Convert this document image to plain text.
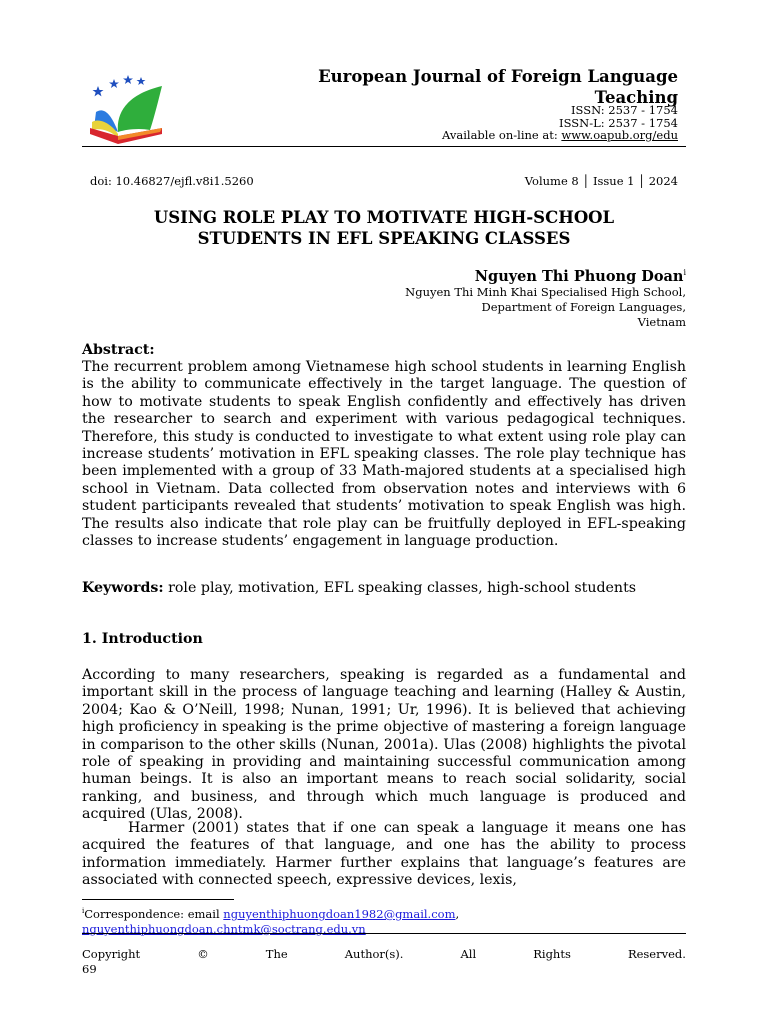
European Journal of Foreign Language
Teaching
ISSN: 2537 - 1754
ISSN-L: 2537 - 1754
Available on-line at: www.oapub.org/edu
doi: 10.46827/ejfl.v8i1.5260	Volume 8 │ Issue 1 │ 2024
USING ROLE PLAY TO MOTIVATE HIGH-SCHOOL
STUDENTS IN EFL SPEAKING CLASSES
Nguyen Thi Phuong Doan$^i$
Nguyen Thi Minh Khai Specialised High School,
Department of Foreign Languages,
Vietnam
Abstract:
The recurrent problem among Vietnamese high school students in learning English is the ability to communicate effectively in the target language. The question of how to motivate students to speak English confidently and effectively has driven the researcher to search and experiment with various pedagogical techniques. Therefore, this study is conducted to investigate to what extent using role play can increase students’ motivation in EFL speaking classes. The role play technique has been implemented with a group of 33 Math-majored students at a specialised high school in Vietnam. Data collected from observation notes and interviews with 6 student participants revealed that students’ motivation to speak English was high. The results also indicate that role play can be fruitfully deployed in EFL-speaking classes to increase students’ engagement in language production.
Keywords: role play, motivation, EFL speaking classes, high-school students
1. Introduction
According to many researchers, speaking is regarded as a fundamental and important skill in the process of language teaching and learning (Halley & Austin, 2004; Kao & O’Neill, 1998; Nunan, 1991; Ur, 1996). It is believed that achieving high proficiency in speaking is the prime objective of mastering a foreign language in comparison to the other skills (Nunan, 2001a). Ulas (2008) highlights the pivotal role of speaking in providing and maintaining successful communication among human beings. It is also an important means to reach social solidarity, social ranking, and business, and through which much language is produced and acquired (Ulas, 2008).
Harmer (2001) states that if one can speak a language it means one has acquired the features of that language, and one has the ability to process information immediately. Harmer further explains that language’s features are associated with connected speech, expressive devices, lexis,
$^i$Correspondence: email nguyenthiphuongdoan1982@gmail.com,
nguyenthiphuongdoan.chntmk@soctrang.edu.vn
Copyright	©	The	Author(s).	All	Rights	Reserved.
69
